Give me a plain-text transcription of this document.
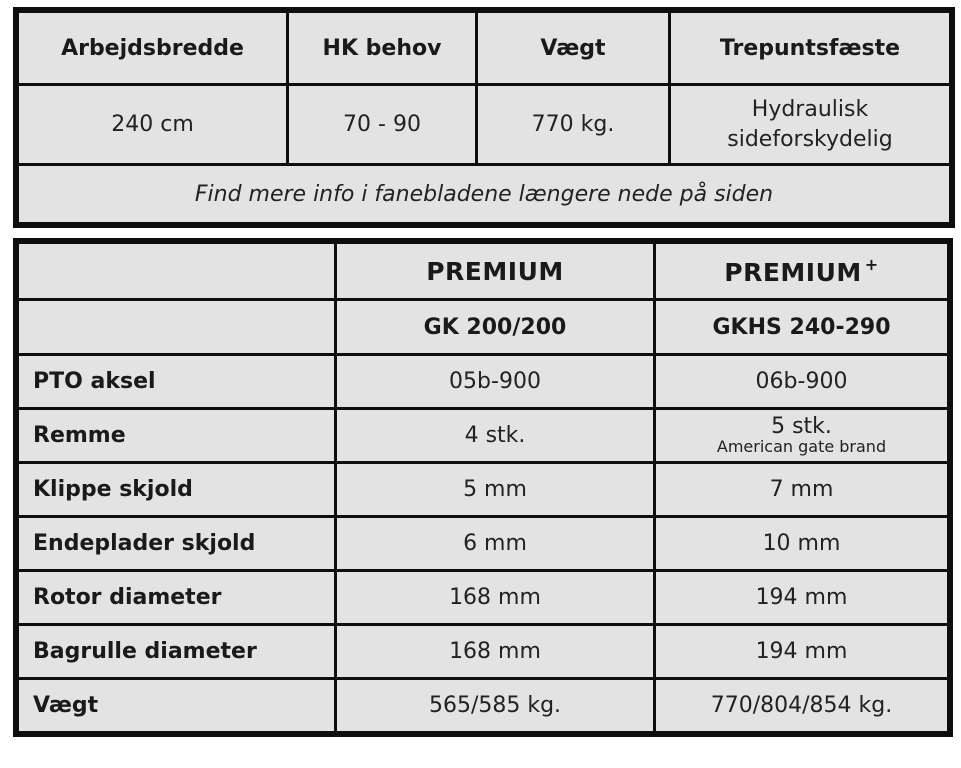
Arbejdsbredde	HK behov	Vægt	Trepuntsfæste
240 cm	70 - 90	770 kg.	Hydraulisk
sideforskydelig

Find mere info i fanebladene længere nede på siden			
	PREMIUM	PREMIUM +
	GK 200/200	GKHS 240-290
PTO aksel	05b-900	06b-900
Remme	4 stk.	5 stk.
American gate brand

Klippe skjold	5 mm	7 mm
Endeplader skjold	6 mm	10 mm
Rotor diameter	168 mm	194 mm
Bagrulle diameter	168 mm	194 mm
Vægt	565/585 kg.	770/804/854 kg.
